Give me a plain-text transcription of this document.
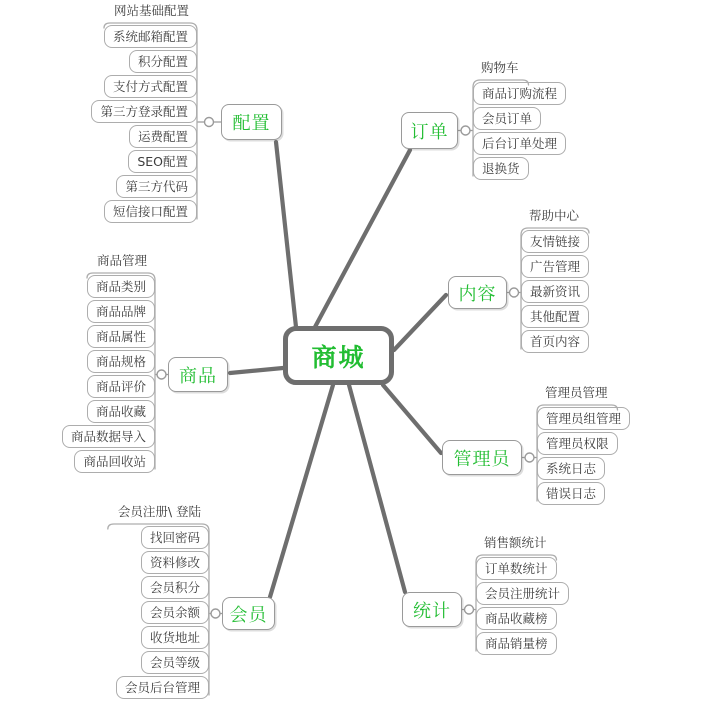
网站基础配置
系统邮箱配置
积分配置
支付方式配置
第三方登录配置
运费配置
SEO配置
第三方代码
短信接口配置
配置
购物车
商品订购流程
会员订单
后台订单处理
退换货
订单
帮助中心
友情链接
广告管理
最新资讯
其他配置
首页内容
内容
管理员管理
管理员组管理
管理员权限
系统日志
错误日志
管理员
销售额统计
订单数统计
会员注册统计
商品收藏榜
商品销量榜
统计
商品管理
商品类别
商品品牌
商品属性
商品规格
商品评价
商品收藏
商品数据导入
商品回收站
商品
会员注册\ 登陆
找回密码
资料修改
会员积分
会员余额
收货地址
会员等级
会员后台管理
会员
商城
